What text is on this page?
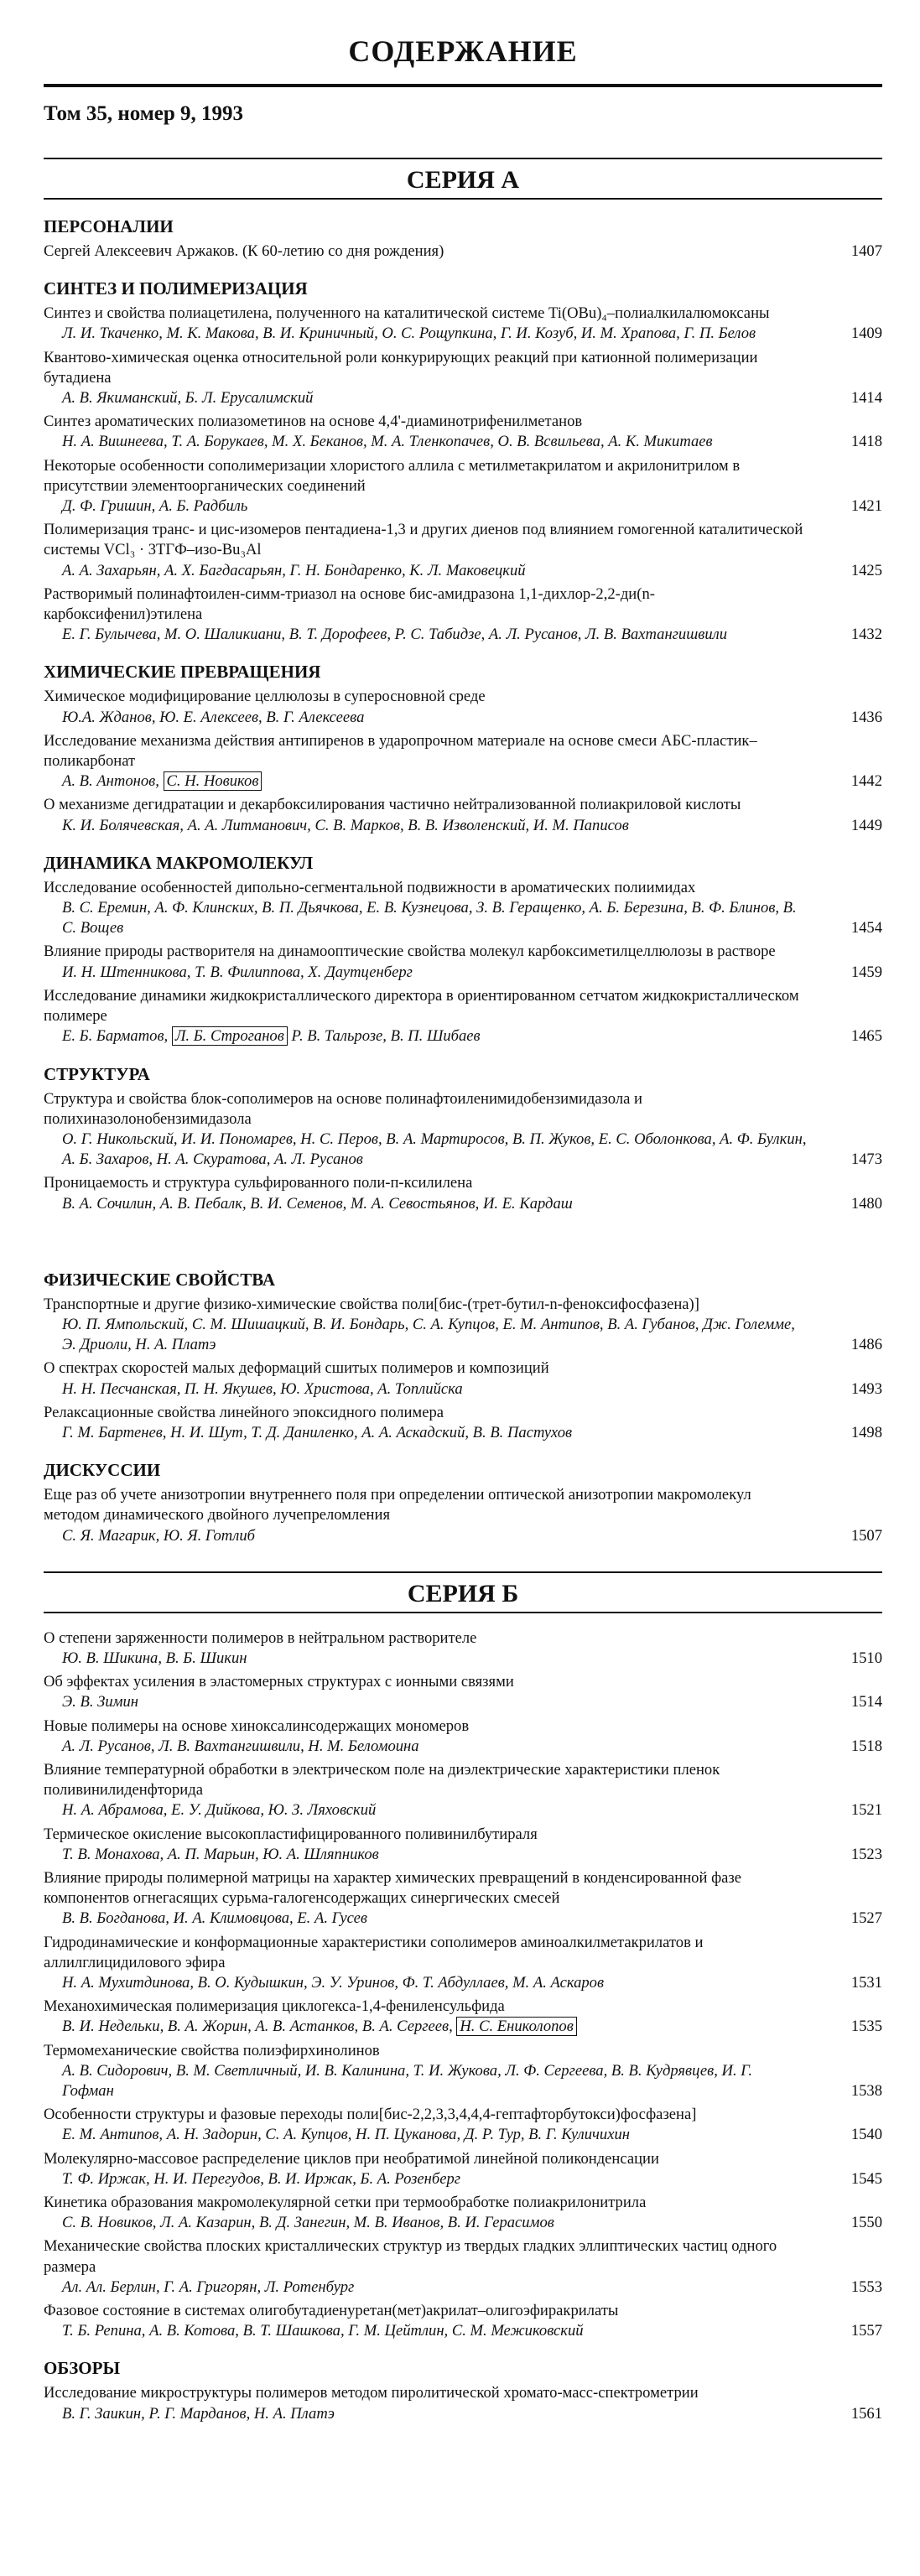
СОДЕРЖАНИЕ
Том 35, номер 9, 1993
СЕРИЯ А
ПЕРСОНАЛИИ
Сергей Алексеевич Аржаков. (К 60-летию со дня рождения)	1407
СИНТЕЗ И ПОЛИМЕРИЗАЦИЯ
Синтез и свойства полиацетилена, полученного на каталитической системе Ti(OBu)₄–полиалкилалюмоксаны
Л. И. Ткаченко, М. К. Макова, В. И. Криничный, О. С. Рощупкина, Г. И. Козуб, И. М. Храпова, Г. П. Белов	1409
Квантово-химическая оценка относительной роли конкурирующих реакций при катионной полимеризации бутадиена
А. В. Якиманский, Б. Л. Ерусалимский	1414
Синтез ароматических полиазометинов на основе 4,4'-диаминотрифенилметанов
Н. А. Вишнеева, Т. А. Борукаев, М. Х. Беканов, М. А. Тленкопачев, О. В. Всвильева, А. К. Микитаев	1418
Некоторые особенности сополимеризации хлористого аллила с метилметакрилатом и акрилонитрилом в присутствии элементоорганических соединений
Д. Ф. Гришин, А. Б. Радбиль	1421
Полимеризация транс- и цис-изомеров пентадиена-1,3 и других диенов под влиянием гомогенной каталитической системы VCl₃ · 3ТГФ–изо-Bu₃Al
А. А. Захарьян, А. Х. Багдасарьян, Г. Н. Бондаренко, К. Л. Маковецкий	1425
Растворимый полинафтоилен-симм-триазол на основе бис-амидразона 1,1-дихлор-2,2-ди(n-карбоксифенил)этилена
Е. Г. Булычева, М. О. Шаликиани, В. Т. Дорофеев, Р. С. Табидзе, А. Л. Русанов, Л. В. Вахтангишвили	1432
ХИМИЧЕСКИЕ ПРЕВРАЩЕНИЯ
Химическое модифицирование целлюлозы в суперосновной среде
Ю.А. Жданов, Ю. Е. Алексеев, В. Г. Алексеева	1436
Исследование механизма действия антипиренов в ударопрочном материале на основе смеси АБС-пластик–поликарбонат
А. В. Антонов, С. Н. Новиков	1442
О механизме дегидратации и декарбоксилирования частично нейтрализованной полиакриловой кислоты
К. И. Болячевская, А. А. Литманович, С. В. Марков, В. В. Изволенский, И. М. Паписов	1449
ДИНАМИКА МАКРОМОЛЕКУЛ
Исследование особенностей дипольно-сегментальной подвижности в ароматических полиимидах
В. С. Еремин, А. Ф. Клинских, В. П. Дьячкова, Е. В. Кузнецова, З. В. Геращенко, А. Б. Березина, В. Ф. Блинов, В. С. Вощев	1454
Влияние природы растворителя на динамооптические свойства молекул карбоксиметилцеллюлозы в растворе
И. Н. Штенникова, Т. В. Филиппова, Х. Даутценберг	1459
Исследование динамики жидкокристаллического директора в ориентированном сетчатом жидкокристаллическом полимере
Е. Б. Барматов, Л. Б. Строганов Р. В. Тальрозе, В. П. Шибаев	1465
СТРУКТУРА
Структура и свойства блок-сополимеров на основе полинафтоиленимидобензимидазола и полихиназолонобензимидазола
О. Г. Никольский, И. И. Пономарев, Н. С. Перов, В. А. Мартиросов, В. П. Жуков, Е. С. Оболонкова, А. Ф. Булкин, А. Б. Захаров, Н. А. Скуратова, А. Л. Русанов	1473
Проницаемость и структура сульфированного поли-п-ксилилена
В. А. Сочилин, А. В. Пебалк, В. И. Семенов, М. А. Севостьянов, И. Е. Кардаш	1480
ФИЗИЧЕСКИЕ СВОЙСТВА
Транспортные и другие физико-химические свойства поли[бис-(трет-бутил-n-феноксифосфазена)]
Ю. П. Ямпольский, С. М. Шишацкий, В. И. Бондарь, С. А. Купцов, Е. М. Антипов, В. А. Губанов, Дж. Големме, Э. Дриоли, Н. А. Платэ	1486
О спектрах скоростей малых деформаций сшитых полимеров и композиций
Н. Н. Песчанская, П. Н. Якушев, Ю. Христова, А. Топлийска	1493
Релаксационные свойства линейного эпоксидного полимера
Г. М. Бартенев, Н. И. Шут, Т. Д. Даниленко, А. А. Аскадский, В. В. Пастухов	1498
ДИСКУССИИ
Еще раз об учете анизотропии внутреннего поля при определении оптической анизотропии макромолекул методом динамического двойного лучепреломления
С. Я. Магарик, Ю. Я. Готлиб	1507
СЕРИЯ Б
О степени заряженности полимеров в нейтральном растворителе
Ю. В. Шикина, В. Б. Шикин	1510
Об эффектах усиления в эластомерных структурах с ионными связями
Э. В. Зимин	1514
Новые полимеры на основе хиноксалинсодержащих мономеров
А. Л. Русанов, Л. В. Вахтангишвили, Н. М. Беломоина	1518
Влияние температурной обработки в электрическом поле на диэлектрические характеристики пленок поливинилиденфторида
Н. А. Абрамова, Е. У. Дийкова, Ю. З. Ляховский	1521
Термическое окисление высокопластифицированного поливинилбутираля
Т. В. Монахова, А. П. Марьин, Ю. А. Шляпников	1523
Влияние природы полимерной матрицы на характер химических превращений в конденсированной фазе компонентов огнегасящих сурьма-галогенсодержащих синергических смесей
В. В. Богданова, И. А. Климовцова, Е. А. Гусев	1527
Гидродинамические и конформационные характеристики сополимеров аминоалкилметакрилатов и аллилглицидилового эфира
Н. А. Мухитдинова, В. О. Кудышкин, Э. У. Уринов, Ф. Т. Абдуллаев, М. А. Аскаров	1531
Механохимическая полимеризация циклогекса-1,4-фениленсульфида
В. И. Недельки, В. А. Жорин, А. В. Астанков, В. А. Сергеев, Н. С. Ениколопов	1535
Термомеханические свойства полиэфирхинолинов
А. В. Сидорович, В. М. Светличный, И. В. Калинина, Т. И. Жукова, Л. Ф. Сергеева, В. В. Кудрявцев, И. Г. Гофман	1538
Особенности структуры и фазовые переходы поли[бис-2,2,3,3,4,4,4-гептафторбутокси)фосфазена]
Е. М. Антипов, А. Н. Задорин, С. А. Купцов, Н. П. Цуканова, Д. Р. Тур, В. Г. Куличихин	1540
Молекулярно-массовое распределение циклов при необратимой линейной поликонденсации
Т. Ф. Иржак, Н. И. Перегудов, В. И. Иржак, Б. А. Розенберг	1545
Кинетика образования макромолекулярной сетки при термообработке полиакрилонитрила
С. В. Новиков, Л. А. Казарин, В. Д. Занегин, М. В. Иванов, В. И. Герасимов	1550
Механические свойства плоских кристаллических структур из твердых гладких эллиптических частиц одного размера
Ал. Ал. Берлин, Г. А. Григорян, Л. Ротенбург	1553
Фазовое состояние в системах олигобутадиенуретан(мет)акрилат–олигоэфиракрилаты
Т. Б. Репина, А. В. Котова, В. Т. Шашкова, Г. М. Цейтлин, С. М. Межиковский	1557
ОБЗОРЫ
Исследование микроструктуры полимеров методом пиролитической хромато-масс-спектрометрии
В. Г. Заикин, Р. Г. Марданов, Н. А. Платэ	1561
